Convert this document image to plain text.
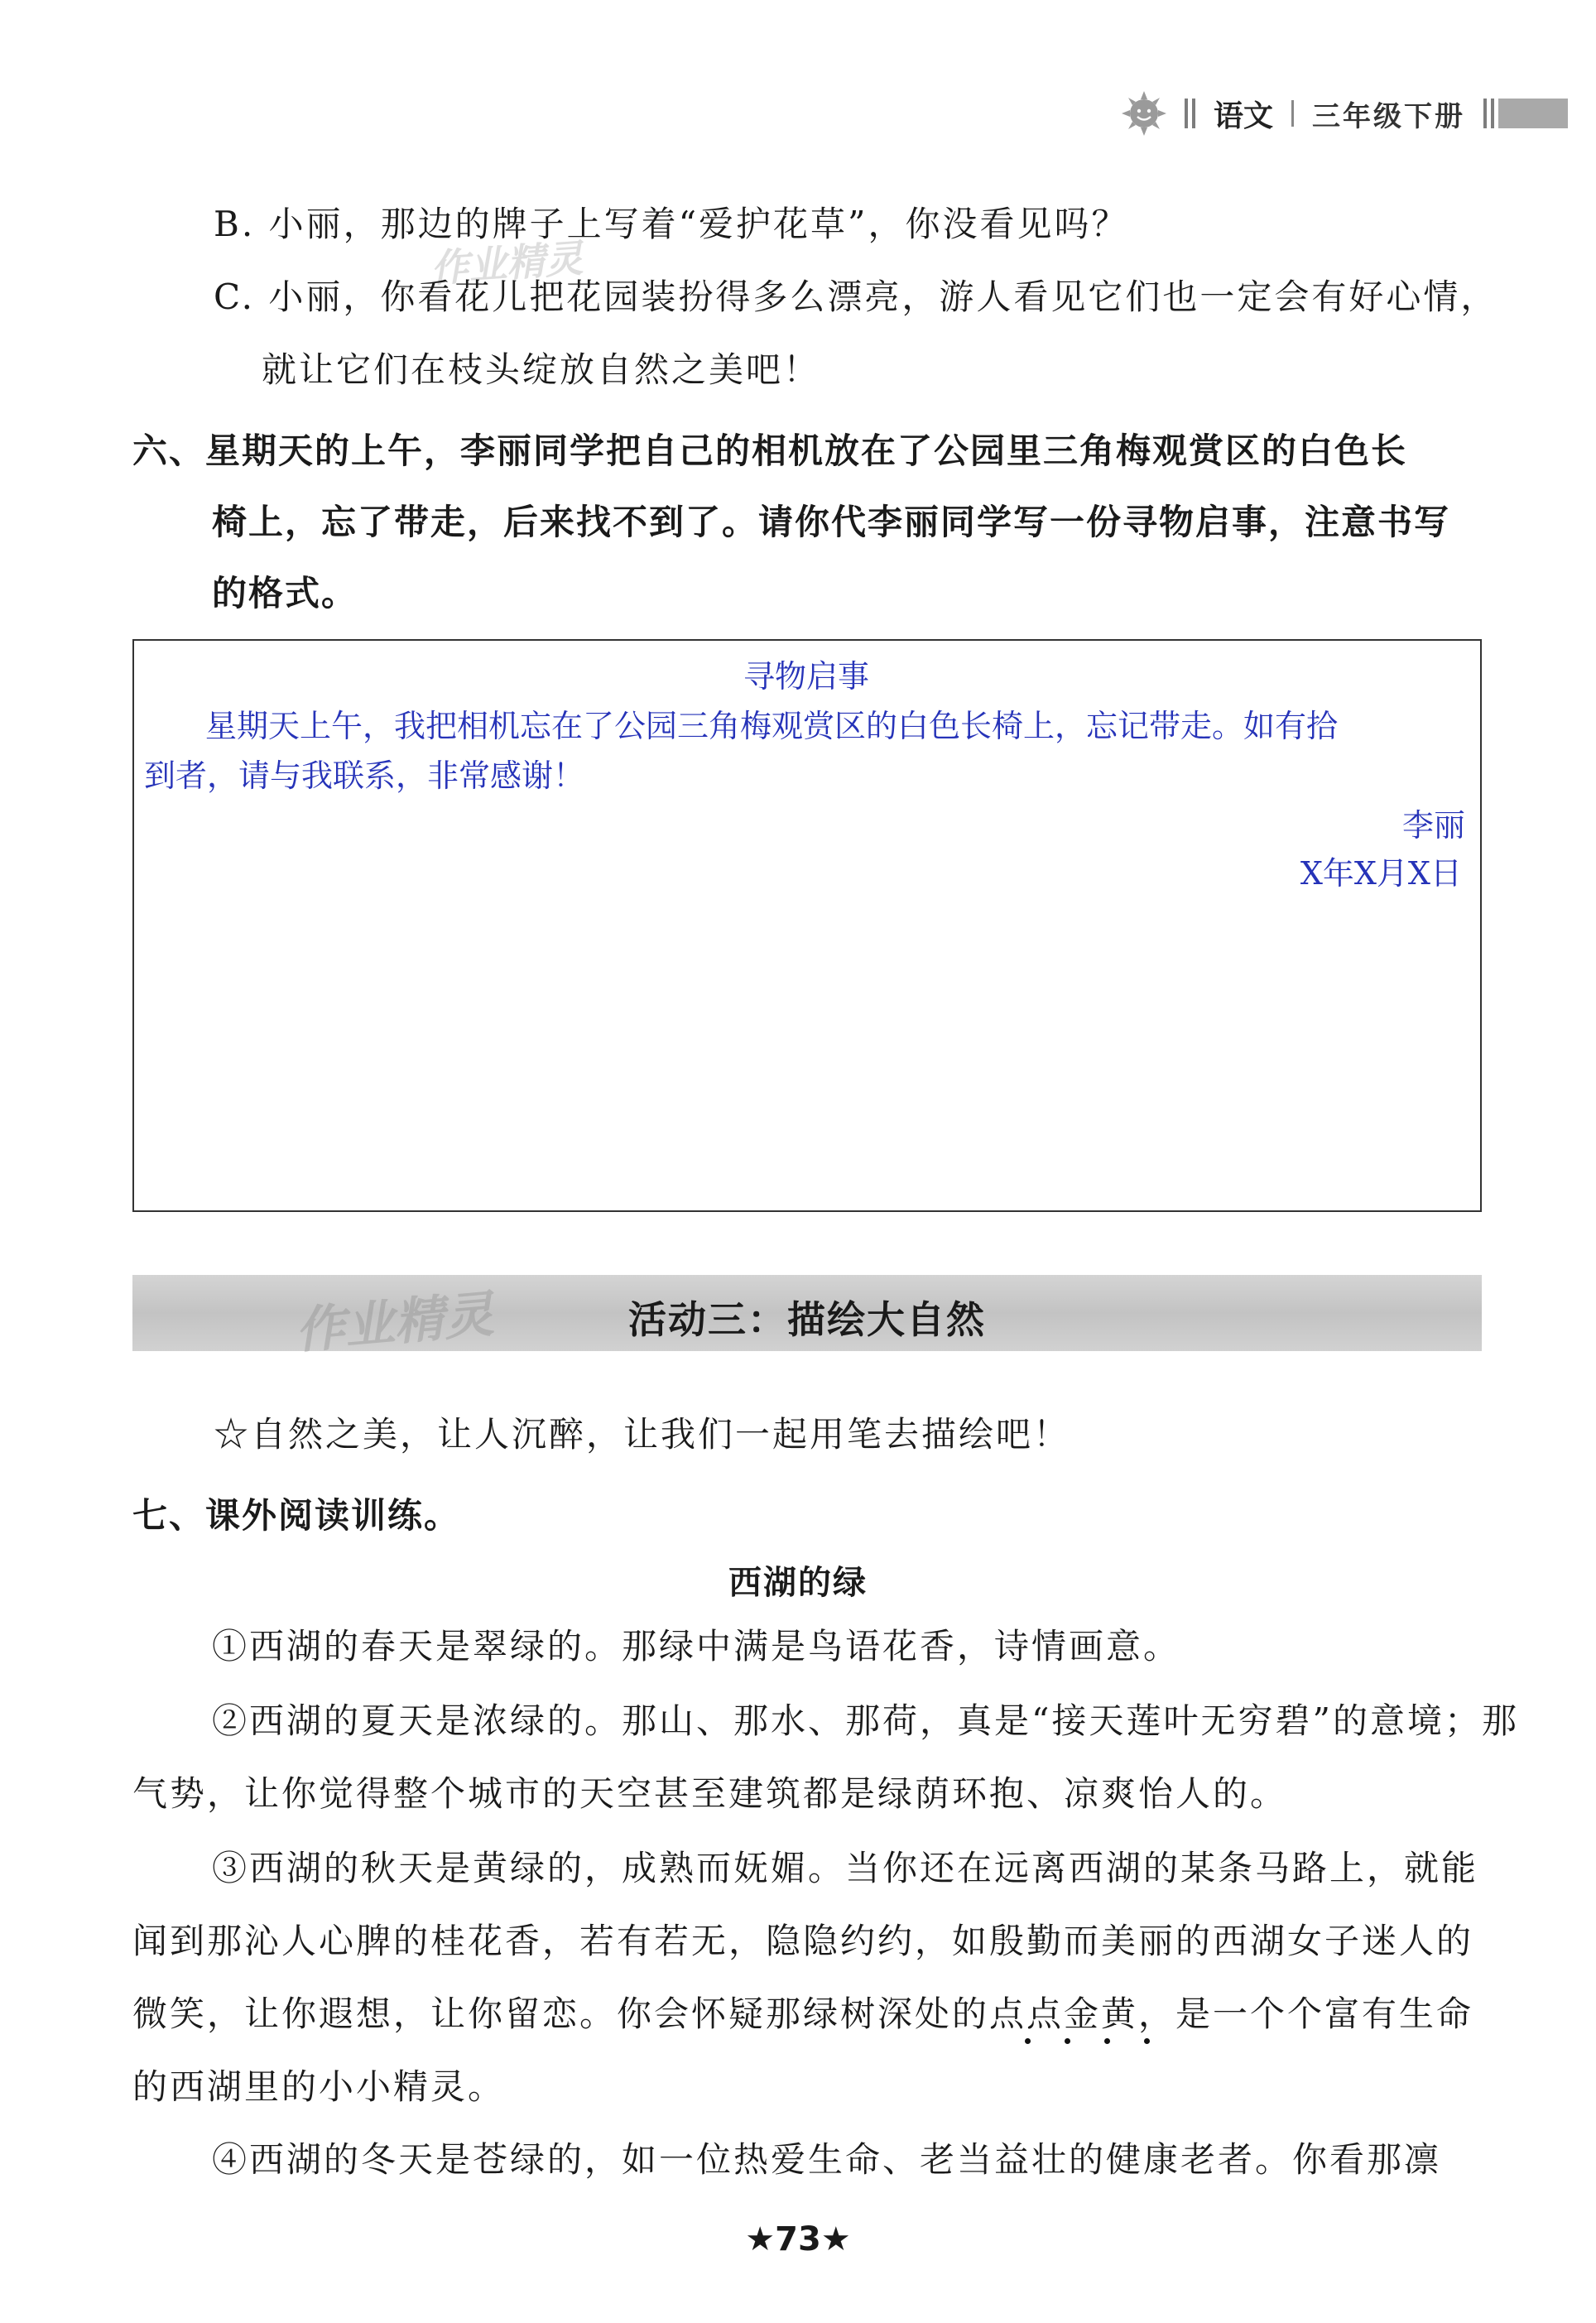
语文 三年级下册
B. 小丽，那边的牌子上写着“爱护花草”，你没看见吗？
作业精灵
C. 小丽，你看花儿把花园装扮得多么漂亮，游人看见它们也一定会有好心情，
就让它们在枝头绽放自然之美吧！
六、星期天的上午，李丽同学把自己的相机放在了公园里三角梅观赏区的白色长
椅上，忘了带走，后来找不到了。请你代李丽同学写一份寻物启事，注意书写
的格式。
寻物启事
星期天上午，我把相机忘在了公园三角梅观赏区的白色长椅上，忘记带走。如有拾
到者，请与我联系，非常感谢！
李丽
X年X月X日
作业精灵	活动三：描绘大自然
☆自然之美，让人沉醉，让我们一起用笔去描绘吧！
七、课外阅读训练。
西湖的绿
①西湖的春天是翠绿的。那绿中满是鸟语花香，诗情画意。
②西湖的夏天是浓绿的。那山、那水、那荷，真是“接天莲叶无穷碧”的意境；那
气势，让你觉得整个城市的天空甚至建筑都是绿荫环抱、凉爽怡人的。
③西湖的秋天是黄绿的，成熟而妩媚。当你还在远离西湖的某条马路上，就能
闻到那沁人心脾的桂花香，若有若无，隐隐约约，如殷勤而美丽的西湖女子迷人的
微笑，让你遐想，让你留恋。你会怀疑那绿树深处的点点金黄，是一个个富有生命
的西湖里的小小精灵。
④西湖的冬天是苍绿的，如一位热爱生命、老当益壮的健康老者。你看那凛
★73★
